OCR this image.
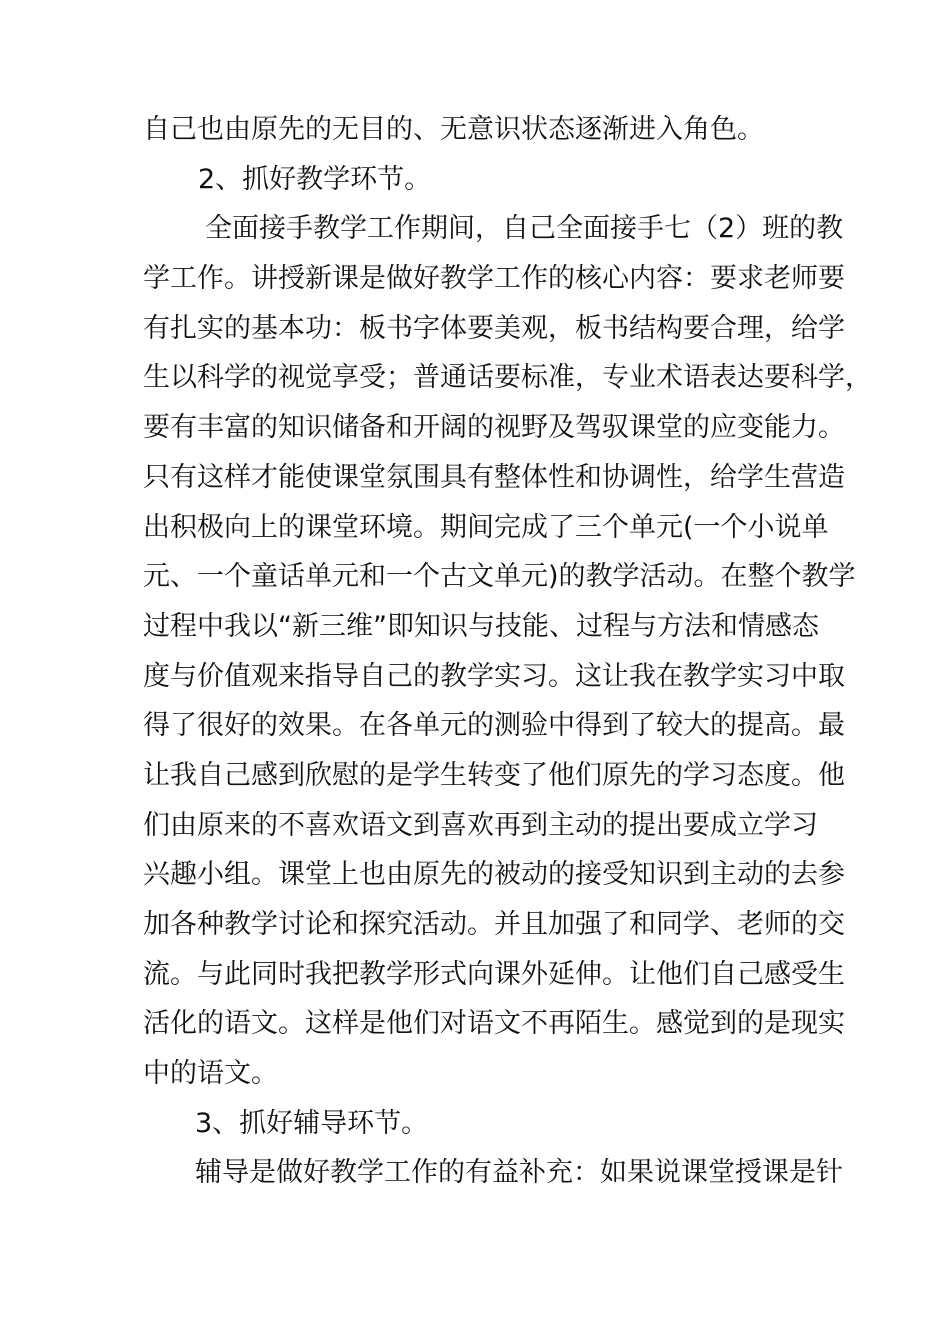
自己也由原先的无目的、无意识状态逐渐进入角色。
2、抓好教学环节。
全面接手教学工作期间，自己全面接手七（2）班的教
学工作。讲授新课是做好教学工作的核心内容：要求老师要
有扎实的基本功：板书字体要美观，板书结构要合理，给学
生以科学的视觉享受；普通话要标准，专业术语表达要科学，
要有丰富的知识储备和开阔的视野及驾驭课堂的应变能力。
只有这样才能使课堂氛围具有整体性和协调性，给学生营造
出积极向上的课堂环境。期间完成了三个单元(一个小说单
元、一个童话单元和一个古文单元)的教学活动。在整个教学
过程中我以“新三维”即知识与技能、过程与方法和情感态
度与价值观来指导自己的教学实习。这让我在教学实习中取
得了很好的效果。在各单元的测验中得到了较大的提高。最
让我自己感到欣慰的是学生转变了他们原先的学习态度。他
们由原来的不喜欢语文到喜欢再到主动的提出要成立学习
兴趣小组。课堂上也由原先的被动的接受知识到主动的去参
加各种教学讨论和探究活动。并且加强了和同学、老师的交
流。与此同时我把教学形式向课外延伸。让他们自己感受生
活化的语文。这样是他们对语文不再陌生。感觉到的是现实
中的语文。
3、抓好辅导环节。
辅导是做好教学工作的有益补充：如果说课堂授课是针
